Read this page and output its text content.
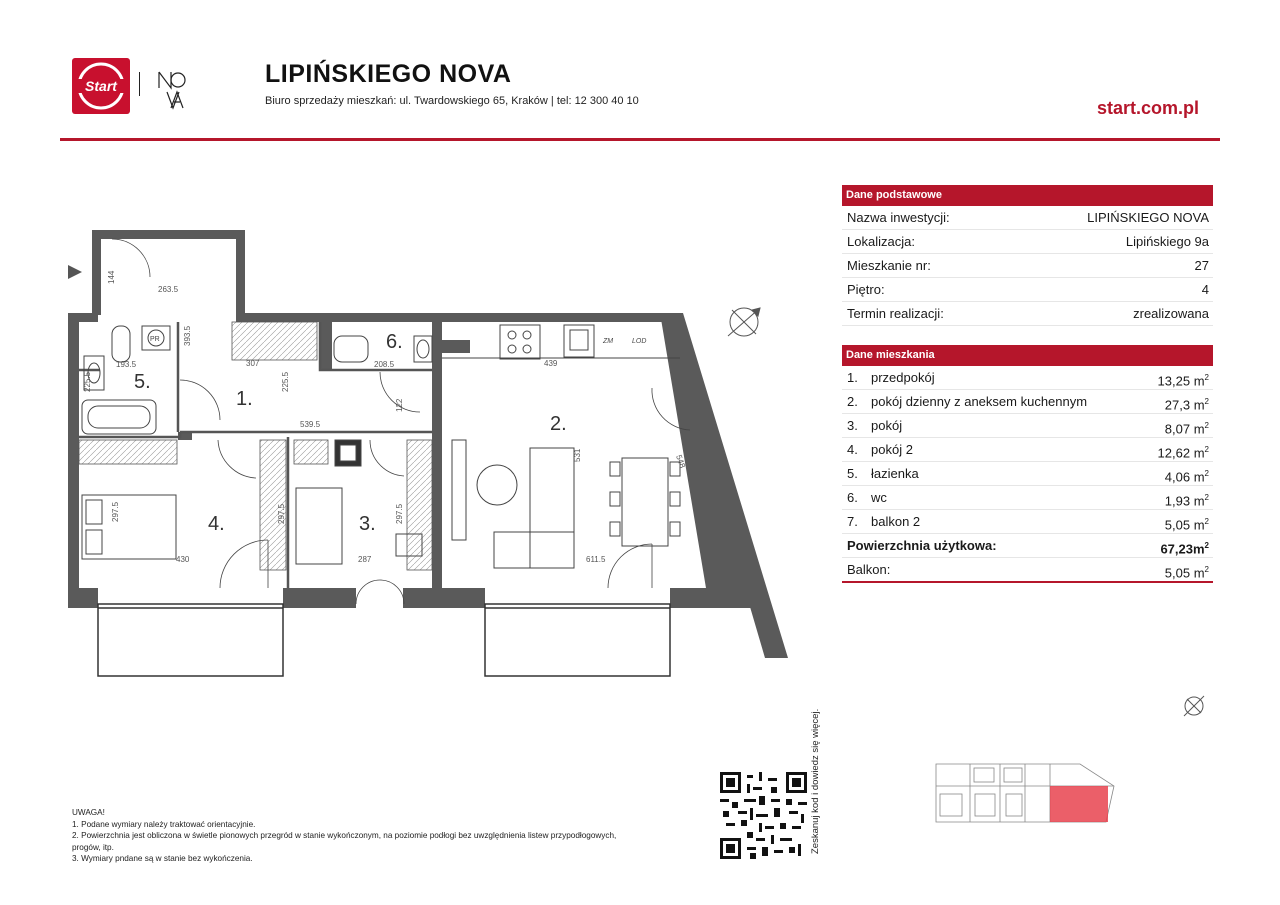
Start	LIPIŃSKIEGO NOVA
Biuro sprzedaży mieszkań: ul. Twardowskiego 65, Kraków | tel: 12 300 40 10	start.com.pl
1.
2.
3.
4.
5.
6.
263.5
144
393.5
193.5
225.5
307
225.5
208.5
122
539.5
439
297.5	297.5	297.5
430	287
531
611.5
548
PR	ZM	LOD
Dane podstawowe
Nazwa inwestycji:	LIPIŃSKIEGO NOVA
Lokalizacja:	Lipińskiego 9a
Mieszkanie nr:	27
Piętro:	4
Termin realizacji:	zrealizowana
Dane mieszkania
1. przedpokój	13,25 $m^2$
2. pokój dzienny z aneksem kuchennym	27,3 $m^2$
3. pokój	8,07 $m^2$
4. pokój 2	12,62 $m^2$
5. łazienka	4,06 $m^2$
6. wc	1,93 $m^2$
7. balkon 2	5,05 $m^2$
Powierzchnia użytkowa:	$67,23m^2$
Balkon:	5,05 $m^2$
Zeskanuj kod i dowiedz się więcej.
UWAGA!
1. Podane wymiary należy traktować orientacyjnie.
2. Powierzchnia jest obliczona w świetle pionowych przegród w stanie wykończonym, na poziomie podłogi bez uwzględnienia listew przypodłogowych,
progów, itp.
3. Wymiary pndane są w stanie bez wykończenia.
